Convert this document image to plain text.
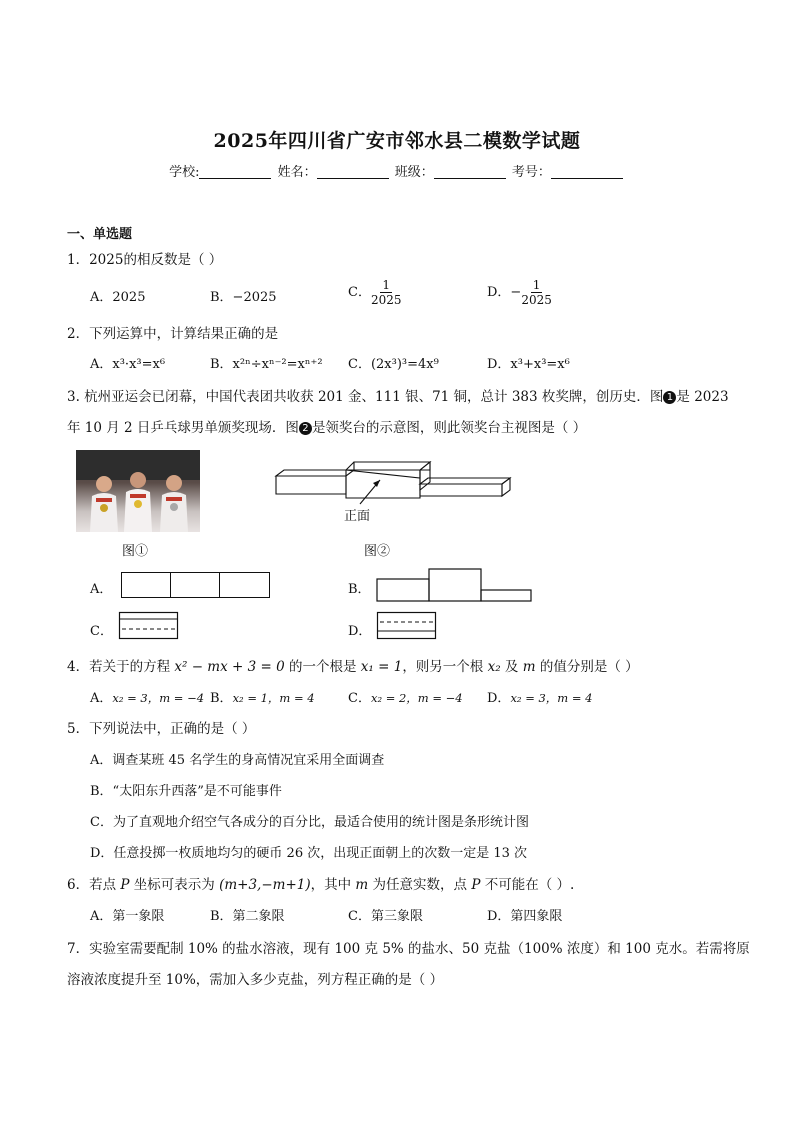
2025年四川省广安市邻水县二模数学试题
学校:	姓名：	班级：	考号：
一、单选题
1．2025的相反数是（ ）
A．2025	B．−2025	C． $\frac{1}{2025}$	D．− $\frac{1}{2025}$
2．下列运算中，计算结果正确的是
A．x³·x³=x⁶	B．x²ⁿ÷xⁿ⁻²=xⁿ⁺² C．(2x³)³=4x⁹	D．x³+x³=x⁶
3. 杭州亚运会已闭幕，中国代表团共收获 201 金、111 银、71 铜，总计 383 枚奖牌，创历史．图 1 是 2023
年 10 月 2 日乒乓球男单颁奖现场．图 2 是领奖台的示意图，则此领奖台主视图是（ ）
图①
正面
图②
A．	B．
C．	D．
4．若关于的方程 x² − mx + 3 = 0 的一个根是 x₁ = 1，则另一个根 x₂ 及 m 的值分别是（ ）
A．x₂ = 3，m = −4 B．x₂ = 1，m = 4	C．x₂ = 2，m = −4 D．x₂ = 3，m = 4
5．下列说法中，正确的是（ ）
A．调查某班 45 名学生的身高情况宜采用全面调查
B．“太阳东升西落”是不可能事件
C．为了直观地介绍空气各成分的百分比，最适合使用的统计图是条形统计图
D．任意投掷一枚质地均匀的硬币 26 次，出现正面朝上的次数一定是 13 次
6．若点 P 坐标可表示为 (m+3,−m+1)，其中 m 为任意实数，点 P 不可能在（ ）.
A．第一象限	B．第二象限	C．第三象限	D．第四象限
7．实验室需要配制 10% 的盐水溶液，现有 100 克 5% 的盐水、50 克盐（100% 浓度）和 100 克水。若需将原
溶液浓度提升至 10%，需加入多少克盐，列方程正确的是（ ）
